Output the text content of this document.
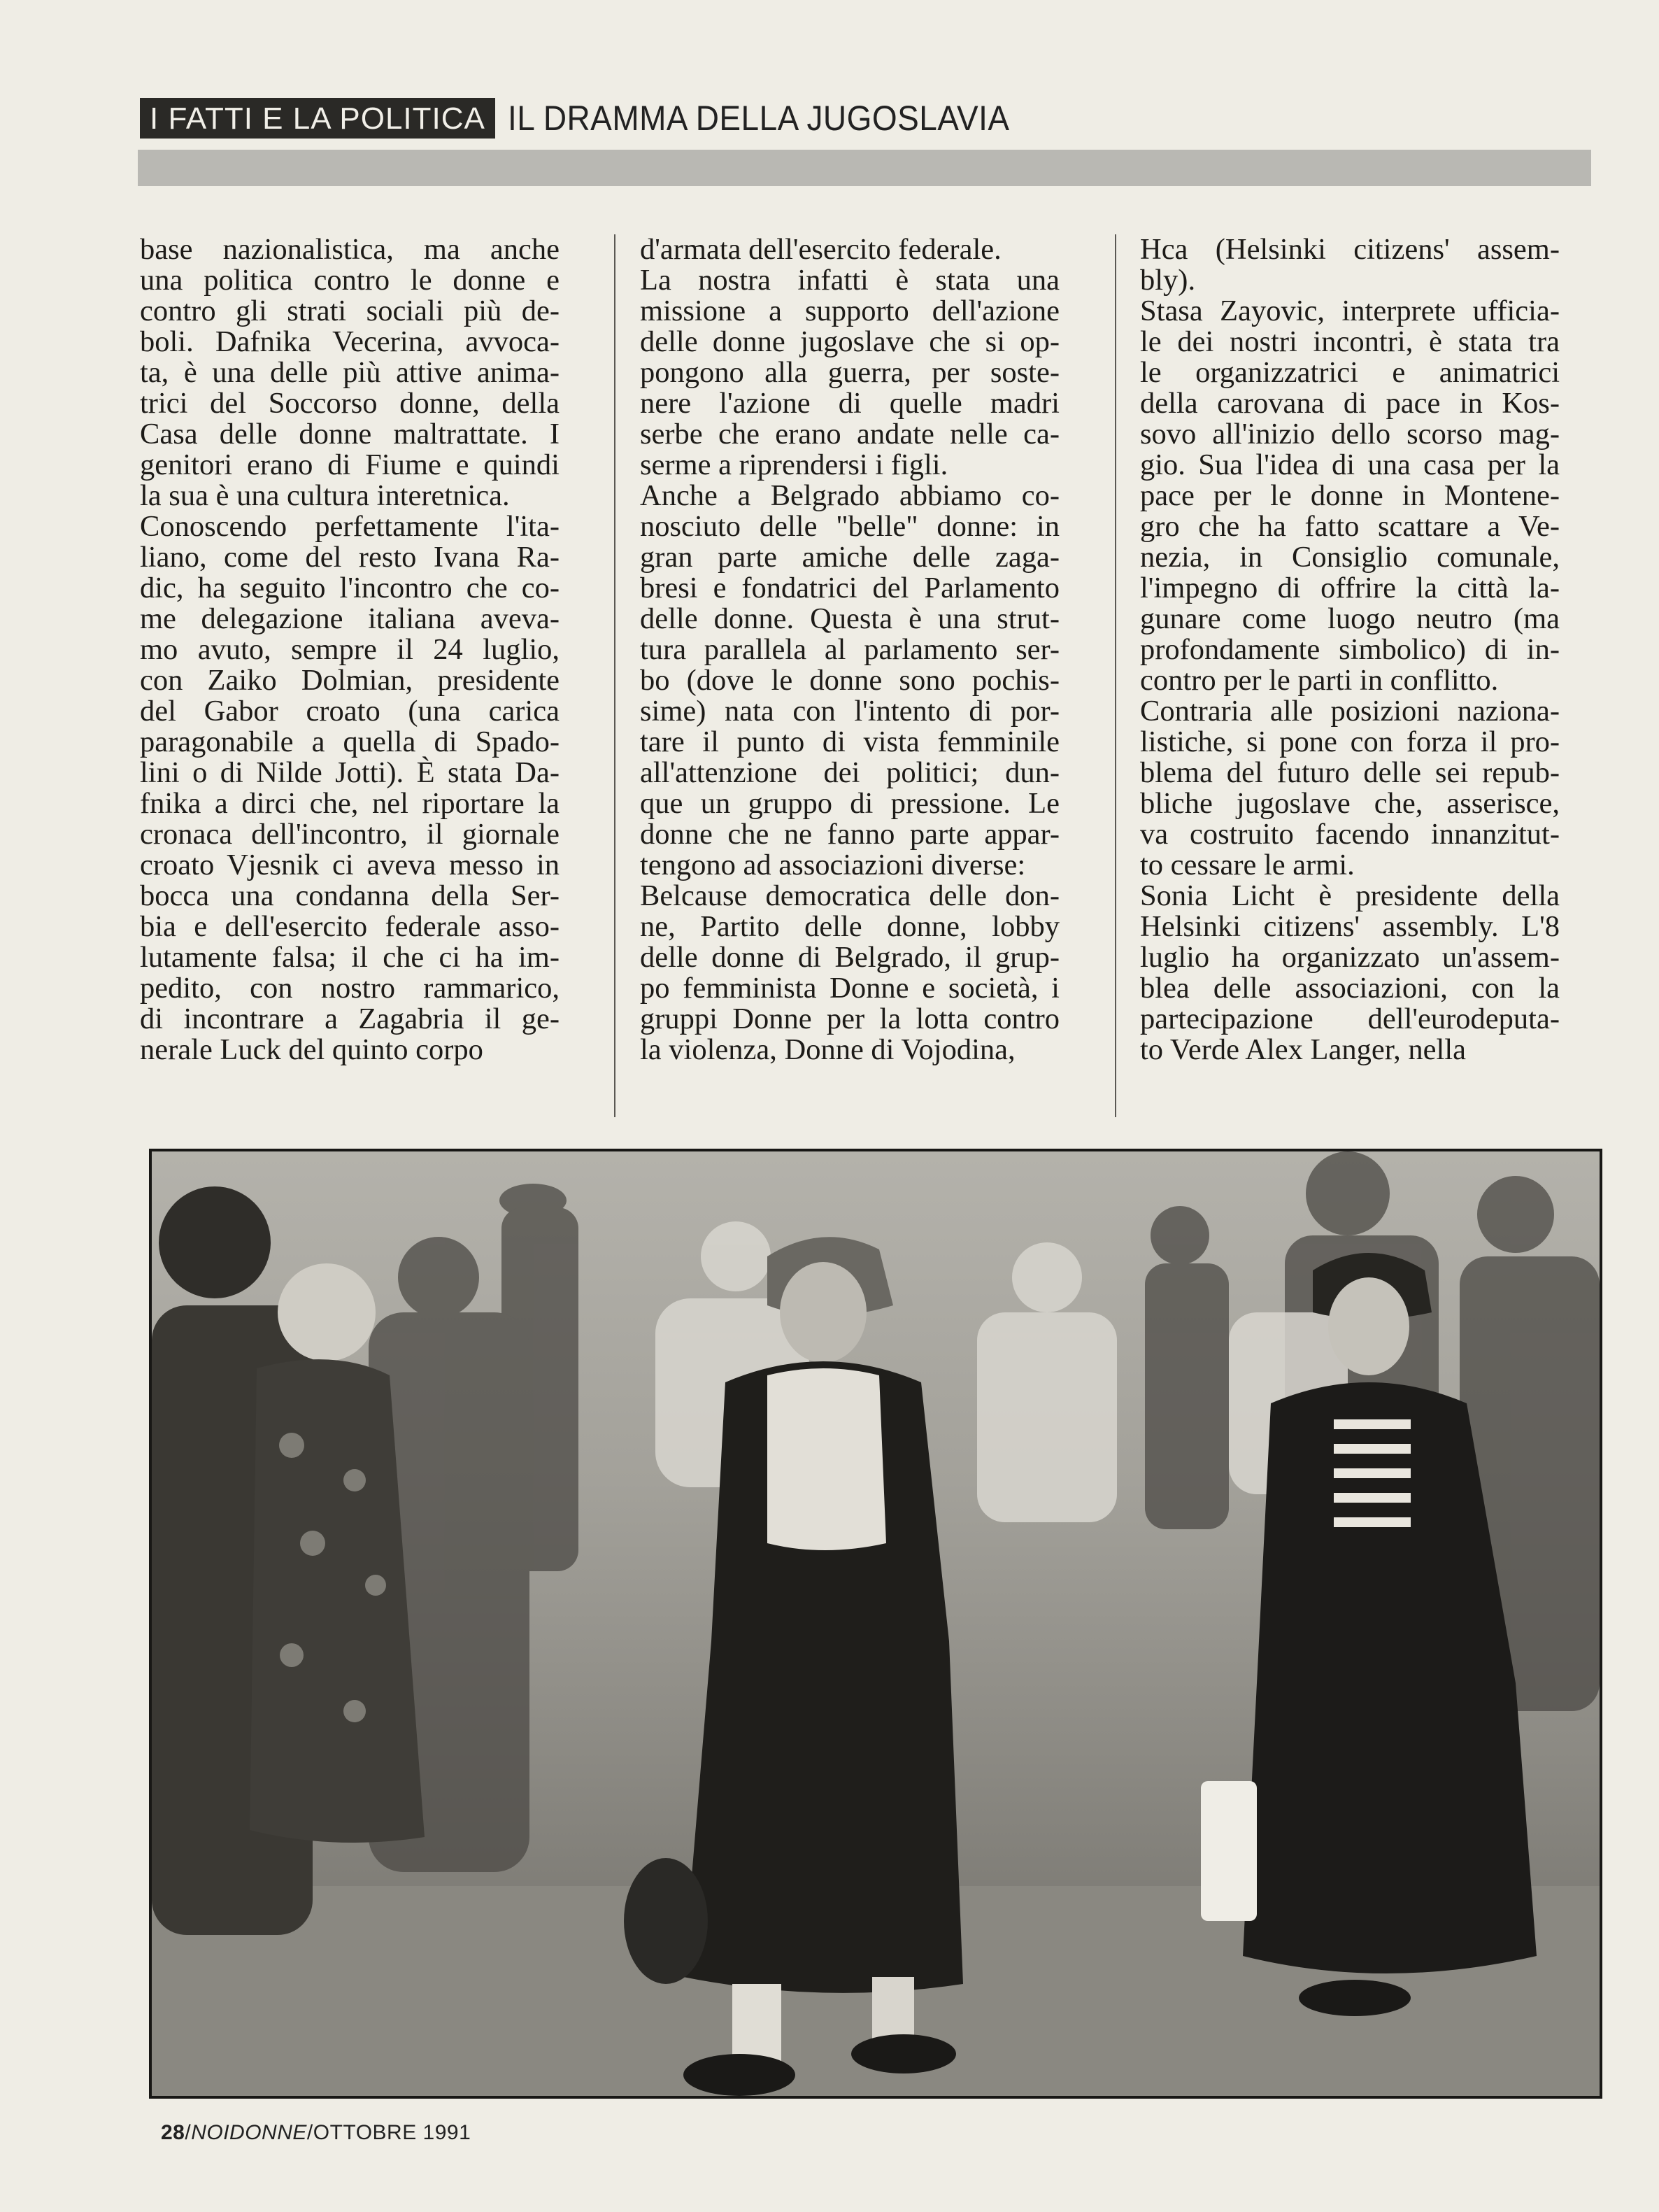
I FATTI E LA POLITICA IL DRAMMA DELLA JUGOSLAVIA
base nazionalistica, ma anche
una politica contro le donne e
contro gli strati sociali più de-
boli. Dafnika Vecerina, avvoca-
ta, è una delle più attive anima-
trici del Soccorso donne, della
Casa delle donne maltrattate. I
genitori erano di Fiume e quindi
la sua è una cultura interetnica.
Conoscendo perfettamente l'ita-
liano, come del resto Ivana Ra-
dic, ha seguito l'incontro che co-
me delegazione italiana aveva-
mo avuto, sempre il 24 luglio,
con Zaiko Dolmian, presidente
del Gabor croato (una carica
paragonabile a quella di Spado-
lini o di Nilde Jotti). È stata Da-
fnika a dirci che, nel riportare la
cronaca dell'incontro, il giornale
croato Vjesnik ci aveva messo in
bocca una condanna della Ser-
bia e dell'esercito federale asso-
lutamente falsa; il che ci ha im-
pedito, con nostro rammarico,
di incontrare a Zagabria il ge-
nerale Luck del quinto corpo
d'armata dell'esercito federale.
La nostra infatti è stata una
missione a supporto dell'azione
delle donne jugoslave che si op-
pongono alla guerra, per soste-
nere l'azione di quelle madri
serbe che erano andate nelle ca-
serme a riprendersi i figli.
Anche a Belgrado abbiamo co-
nosciuto delle "belle" donne: in
gran parte amiche delle zaga-
bresi e fondatrici del Parlamento
delle donne. Questa è una strut-
tura parallela al parlamento ser-
bo (dove le donne sono pochis-
sime) nata con l'intento di por-
tare il punto di vista femminile
all'attenzione dei politici; dun-
que un gruppo di pressione. Le
donne che ne fanno parte appar-
tengono ad associazioni diverse:
Belcause democratica delle don-
ne, Partito delle donne, lobby
delle donne di Belgrado, il grup-
po femminista Donne e società, i
gruppi Donne per la lotta contro
la violenza, Donne di Vojodina,
Hca (Helsinki citizens' assem-
bly).
Stasa Zayovic, interprete ufficia-
le dei nostri incontri, è stata tra
le organizzatrici e animatrici
della carovana di pace in Kos-
sovo all'inizio dello scorso mag-
gio. Sua l'idea di una casa per la
pace per le donne in Montene-
gro che ha fatto scattare a Ve-
nezia, in Consiglio comunale,
l'impegno di offrire la città la-
gunare come luogo neutro (ma
profondamente simbolico) di in-
contro per le parti in conflitto.
Contraria alle posizioni naziona-
listiche, si pone con forza il pro-
blema del futuro delle sei repub-
bliche jugoslave che, asserisce,
va costruito facendo innanzitut-
to cessare le armi.
Sonia Licht è presidente della
Helsinki citizens' assembly. L'8
luglio ha organizzato un'assem-
blea delle associazioni, con la
partecipazione dell'eurodeputa-
to Verde Alex Langer, nella
28/NOIDONNE/OTTOBRE 1991
